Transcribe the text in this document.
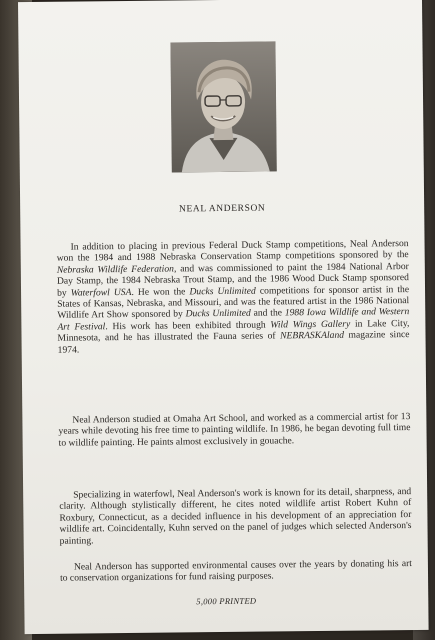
NEAL ANDERSON

In addition to placing in previous Federal Duck Stamp competitions, Neal Anderson won the 1984 and 1988 Nebraska Conservation Stamp competitions sponsored by the Nebraska Wildlife Federation, and was commissioned to paint the 1984 National Arbor Day Stamp, the 1984 Nebraska Trout Stamp, and the 1986 Wood Duck Stamp sponsored by Waterfowl USA. He won the Ducks Unlimited competitions for sponsor artist in the States of Kansas, Nebraska, and Missouri, and was the featured artist in the 1986 National Wildlife Art Show sponsored by Ducks Unlimited and the 1988 Iowa Wildlife and Western Art Festival. His work has been exhibited through Wild Wings Gallery in Lake City, Minnesota, and he has illustrated the Fauna series of NEBRASKAland magazine since 1974.

Neal Anderson studied at Omaha Art School, and worked as a commercial artist for 13 years while devoting his free time to painting wildlife. In 1986, he began devoting full time to wildlife painting. He paints almost exclusively in gouache.

Specializing in waterfowl, Neal Anderson's work is known for its detail, sharpness, and clarity. Although stylistically different, he cites noted wildlife artist Robert Kuhn of Roxbury, Connecticut, as a decided influence in his development of an appreciation for wildlife art. Coincidentally, Kuhn served on the panel of judges which selected Anderson's painting.

Neal Anderson has supported environmental causes over the years by donating his art to conservation organizations for fund raising purposes.

5,000 PRINTED
